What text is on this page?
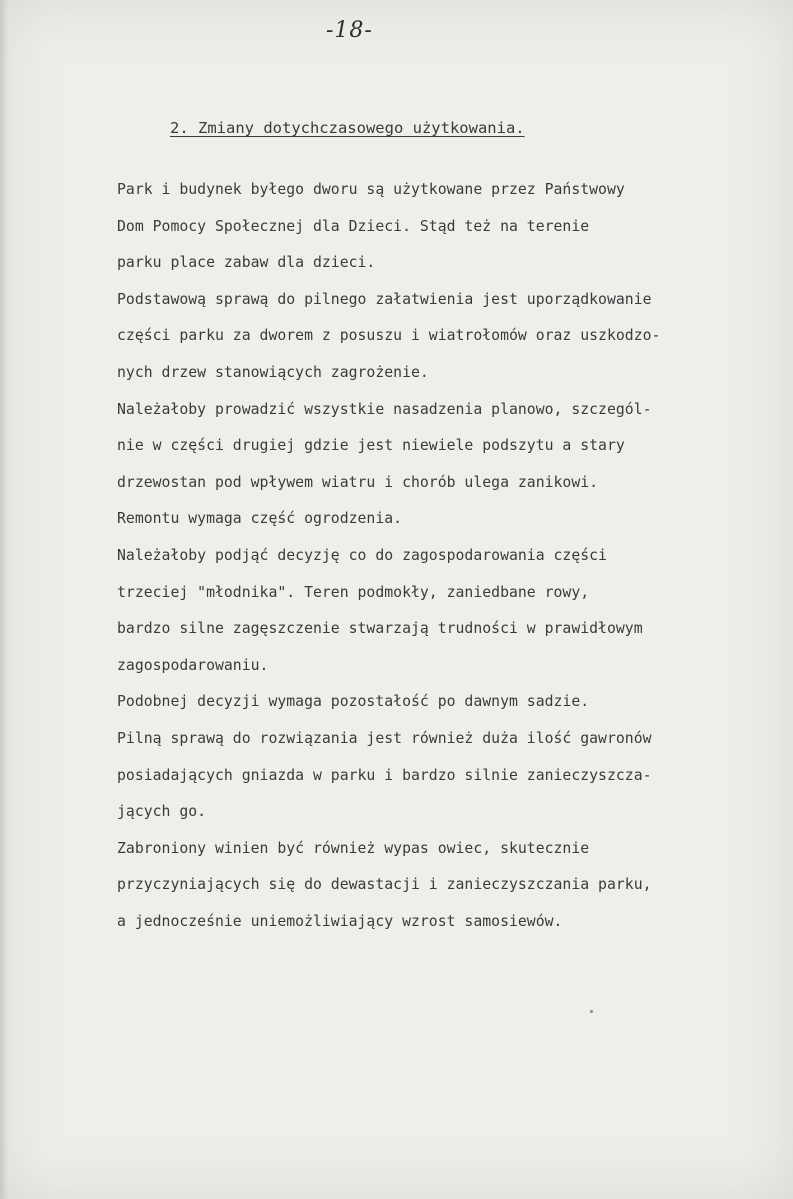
-18-
2. Zmiany dotychczasowego użytkowania.
Park i budynek byłego dworu są użytkowane przez Państwowy
Dom Pomocy Społecznej dla Dzieci. Stąd też na terenie
parku place zabaw dla dzieci.
Podstawową sprawą do pilnego załatwienia jest uporządkowanie
części parku za dworem z posuszu i wiatrołomów oraz uszkodzo-
nych drzew stanowiących zagrożenie.
Należałoby prowadzić wszystkie nasadzenia planowo, szczegól-
nie w części drugiej gdzie jest niewiele podszytu a stary
drzewostan pod wpływem wiatru i chorób ulega zanikowi.
Remontu wymaga część ogrodzenia.
Należałoby podjąć decyzję co do zagospodarowania części
trzeciej "młodnika". Teren podmokły, zaniedbane rowy,
bardzo silne zagęszczenie stwarzają trudności w prawidłowym
zagospodarowaniu.
Podobnej decyzji wymaga pozostałość po dawnym sadzie.
Pilną sprawą do rozwiązania jest również duża ilość gawronów
posiadających gniazda w parku i bardzo silnie zanieczyszcza-
jących go.
Zabroniony winien być również wypas owiec, skutecznie
przyczyniających się do dewastacji i zanieczyszczania parku,
a jednocześnie uniemożliwiający wzrost samosiewów.
